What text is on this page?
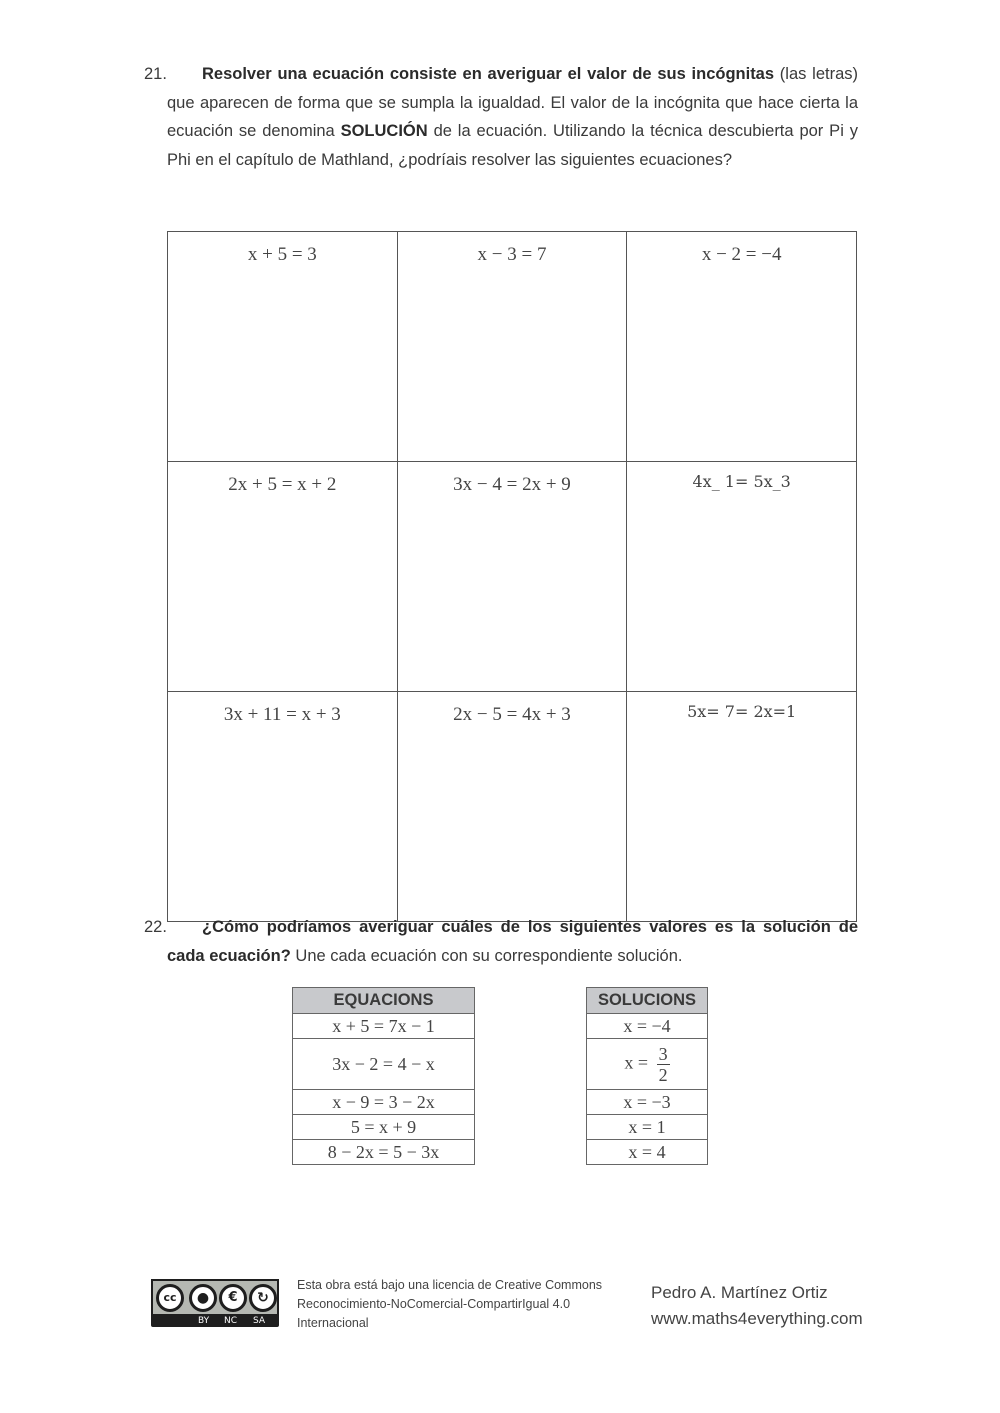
21.	Resolver una ecuación consiste en averiguar el valor de sus incógnitas (las letras) que aparecen de forma que se sumpla la igualdad. El valor de la incógnita que hace cierta la ecuación se denomina SOLUCIÓN de la ecuación. Utilizando la técnica descubierta por Pi y Phi en el capítulo de Mathland, ¿podríais resolver las siguientes ecuaciones?
x + 5 = 3	x − 3 = 7	x − 2 = −4

2x + 5 = x + 2	3x − 4 = 2x + 9	4x_ 1= 5x_3

3x + 11 = x + 3	2x − 5 = 4x + 3	5x= 7= 2x=1
22.	¿Cómo podríamos averiguar cuáles de los siguientes valores es la solución de cada ecuación? Une cada ecuación con su correspondiente solución.
EQUACIONS
x + 5 = 7x − 1
3x − 2 = 4 − x
x − 9 = 3 − 2x
5 = x + 9
8 − 2x = 5 − 3x
SOLUCIONS
x = −4
$x = \frac{3}{2}$

x = −3
x = 1
x = 4
cc	●	€	↻
BY NC SA
Esta obra está bajo una licencia de Creative Commons
Reconocimiento-NoComercial-CompartirIgual 4.0
Internacional
Pedro A. Martínez Ortiz
www.maths4everything.com
